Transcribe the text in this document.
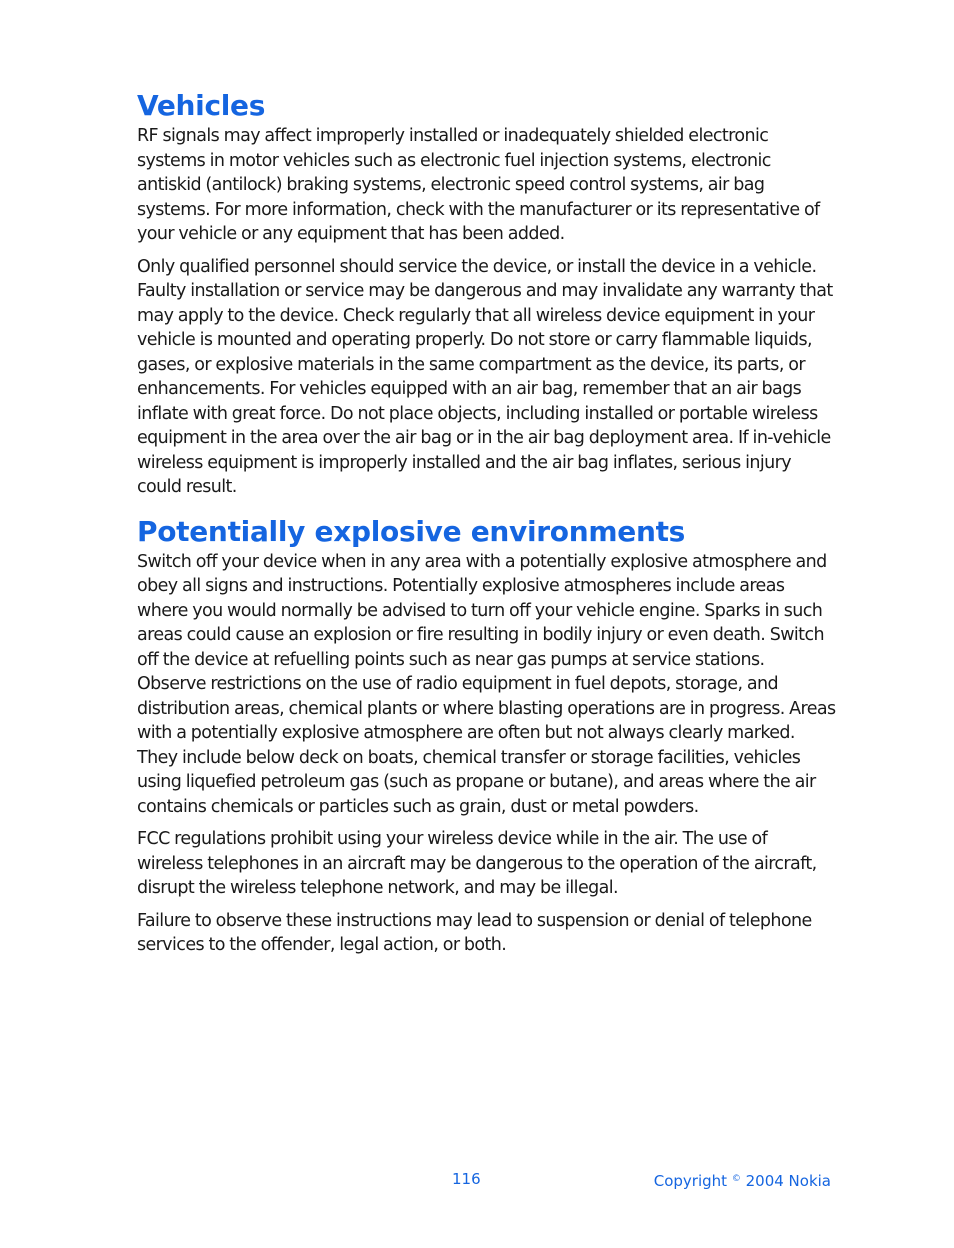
Vehicles

RF signals may affect improperly installed or inadequately shielded electronic systems in motor vehicles such as electronic fuel injection systems, electronic antiskid (antilock) braking systems, electronic speed control systems, air bag systems. For more information, check with the manufacturer or its representative of your vehicle or any equipment that has been added.

Only qualified personnel should service the device, or install the device in a vehicle. Faulty installation or service may be dangerous and may invalidate any warranty that may apply to the device. Check regularly that all wireless device equipment in your vehicle is mounted and operating properly. Do not store or carry flammable liquids, gases, or explosive materials in the same compartment as the device, its parts, or enhancements. For vehicles equipped with an air bag, remember that an air bags inflate with great force. Do not place objects, including installed or portable wireless equipment in the area over the air bag or in the air bag deployment area. If in-vehicle wireless equipment is improperly installed and the air bag inflates, serious injury could result.

Potentially explosive environments

Switch off your device when in any area with a potentially explosive atmosphere and obey all signs and instructions. Potentially explosive atmospheres include areas where you would normally be advised to turn off your vehicle engine. Sparks in such areas could cause an explosion or fire resulting in bodily injury or even death. Switch off the device at refuelling points such as near gas pumps at service stations. Observe restrictions on the use of radio equipment in fuel depots, storage, and distribution areas, chemical plants or where blasting operations are in progress. Areas with a potentially explosive atmosphere are often but not always clearly marked. They include below deck on boats, chemical transfer or storage facilities, vehicles using liquefied petroleum gas (such as propane or butane), and areas where the air contains chemicals or particles such as grain, dust or metal powders.

FCC regulations prohibit using your wireless device while in the air. The use of wireless telephones in an aircraft may be dangerous to the operation of the aircraft, disrupt the wireless telephone network, and may be illegal.

Failure to observe these instructions may lead to suspension or denial of telephone services to the offender, legal action, or both.

116	Copyright © 2004 Nokia
